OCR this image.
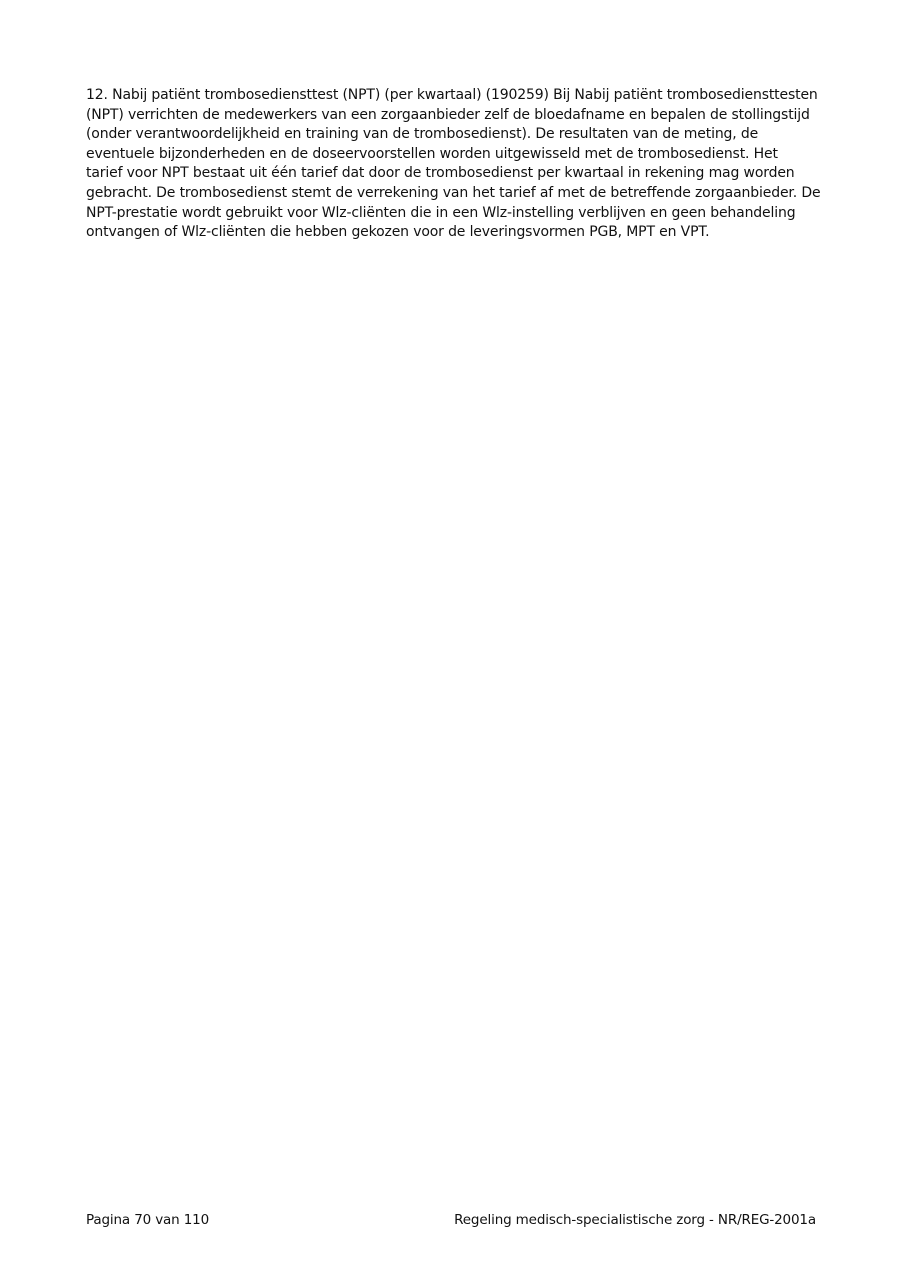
12. Nabij patiënt trombosediensttest (NPT) (per kwartaal) (190259) Bij Nabij patiënt trombosediensttesten
(NPT) verrichten de medewerkers van een zorgaanbieder zelf de bloedafname en bepalen de stollingstijd
(onder verantwoordelijkheid en training van de trombosedienst). De resultaten van de meting, de
eventuele bijzonderheden en de doseervoorstellen worden uitgewisseld met de trombosedienst. Het
tarief voor NPT bestaat uit één tarief dat door de trombosedienst per kwartaal in rekening mag worden
gebracht. De trombosedienst stemt de verrekening van het tarief af met de betreffende zorgaanbieder. De
NPT-prestatie wordt gebruikt voor Wlz-cliënten die in een Wlz-instelling verblijven en geen behandeling
ontvangen of Wlz-cliënten die hebben gekozen voor de leveringsvormen PGB, MPT en VPT.
Pagina 70 van 110	Regeling medisch-specialistische zorg - NR/REG-2001a
